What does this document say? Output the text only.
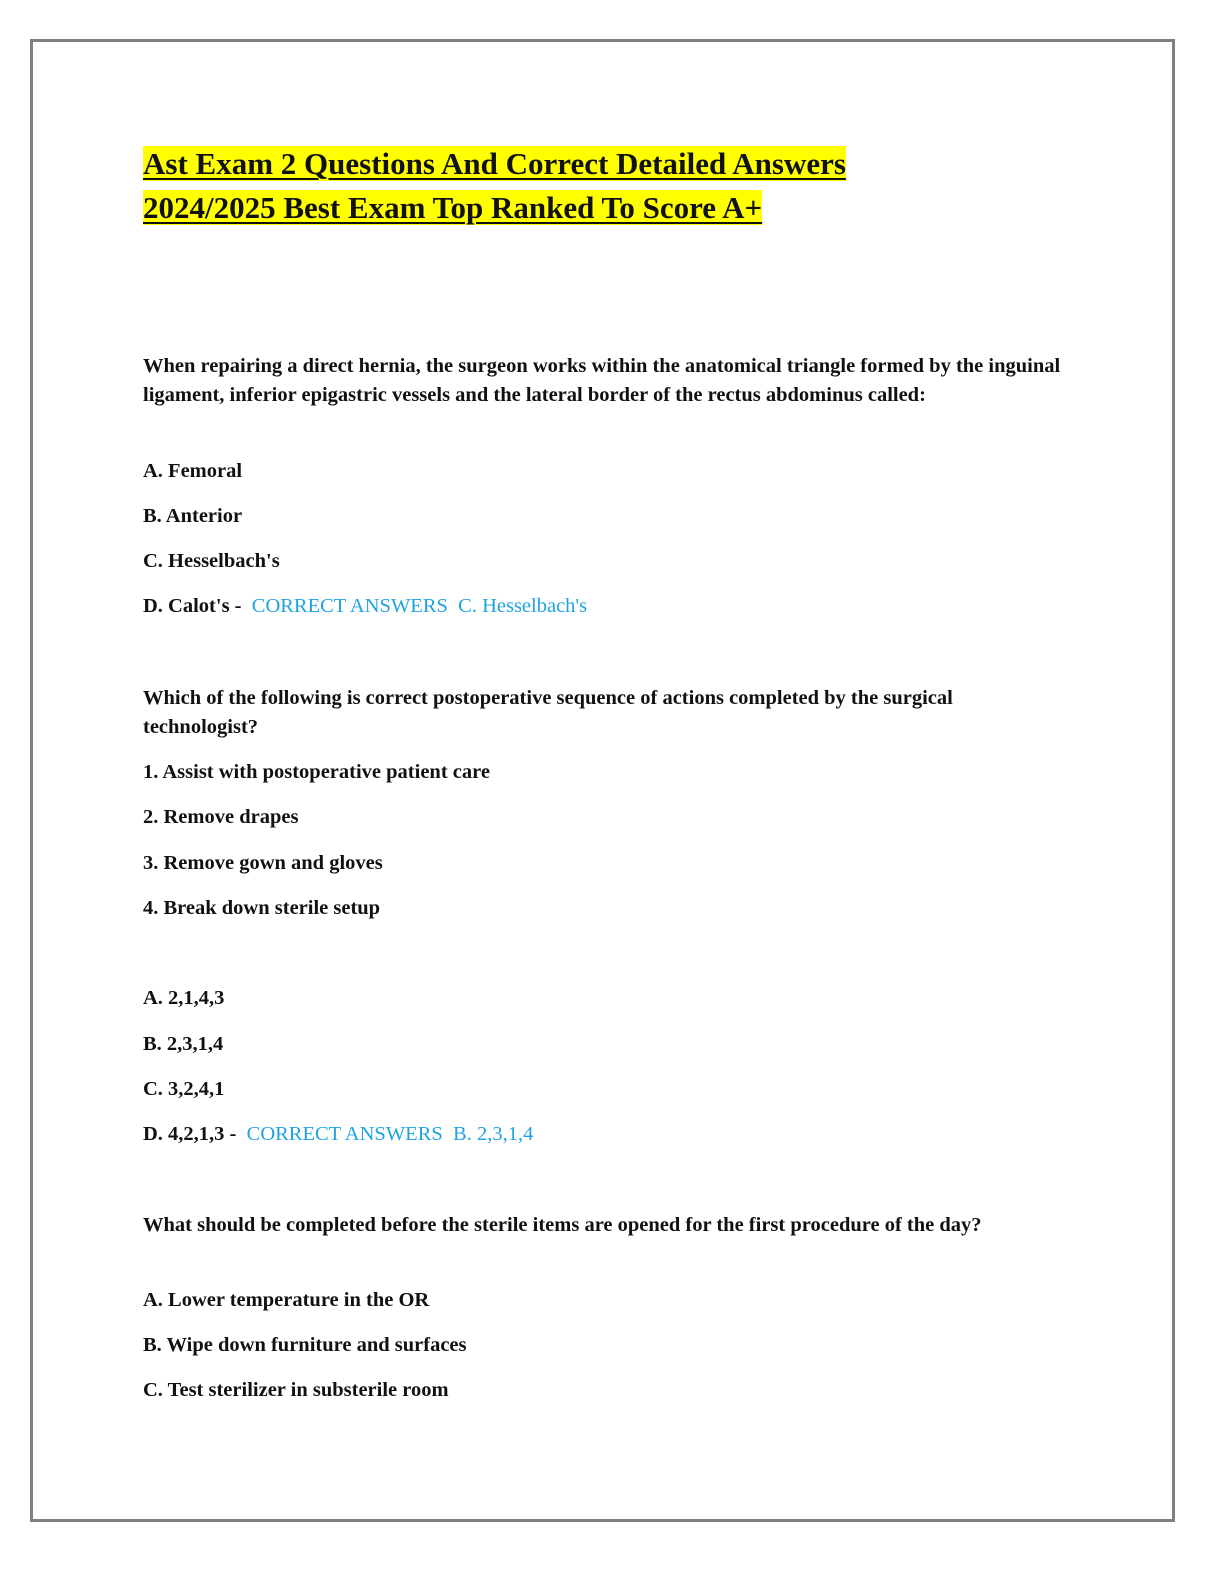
Ast Exam 2 Questions And Correct Detailed Answers
2024/2025 Best Exam Top Ranked To Score A+

When repairing a direct hernia, the surgeon works within the anatomical triangle formed by the inguinal ligament, inferior epigastric vessels and the lateral border of the rectus abdominus called:

A. Femoral

B. Anterior

C. Hesselbach's

D. Calot's - CORRECT ANSWERS C. Hesselbach's

Which of the following is correct postoperative sequence of actions completed by the surgical technologist?

1. Assist with postoperative patient care

2. Remove drapes

3. Remove gown and gloves

4. Break down sterile setup

A. 2,1,4,3

B. 2,3,1,4

C. 3,2,4,1

D. 4,2,1,3 - CORRECT ANSWERS B. 2,3,1,4

What should be completed before the sterile items are opened for the first procedure of the day?

A. Lower temperature in the OR

B. Wipe down furniture and surfaces

C. Test sterilizer in substerile room
